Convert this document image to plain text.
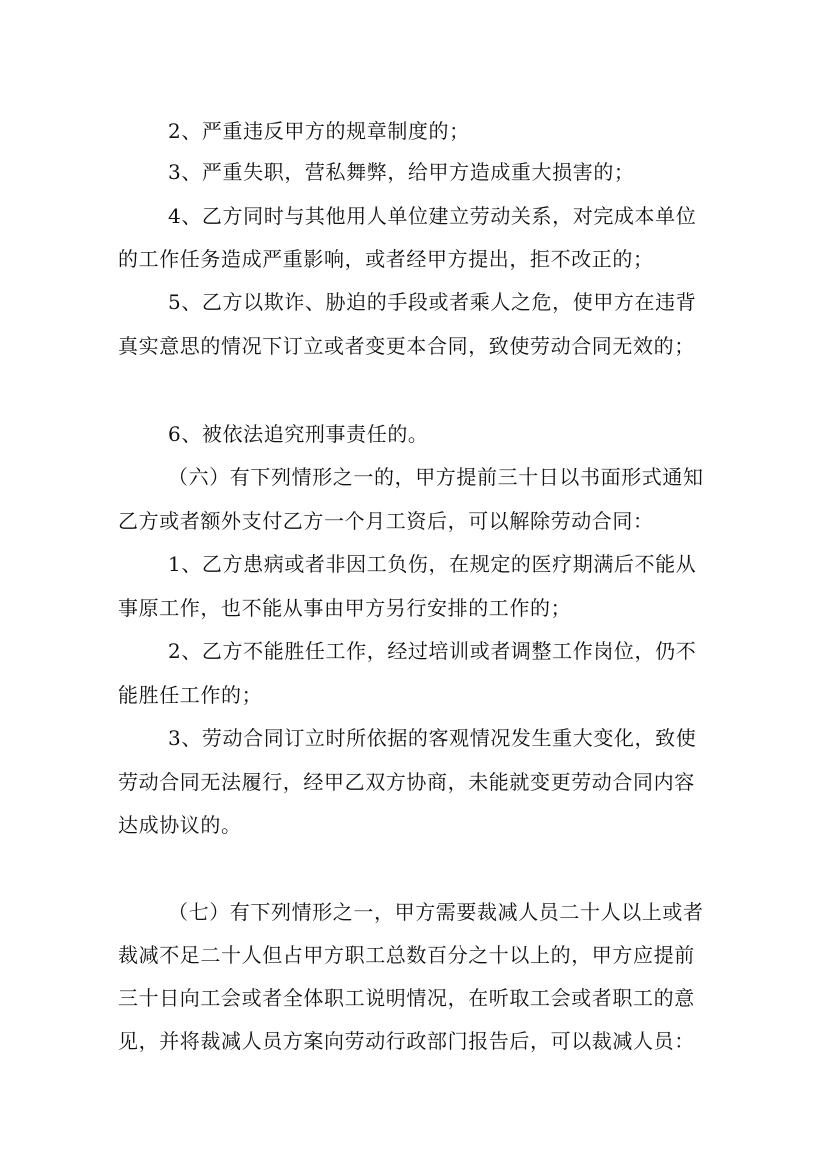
2、严重违反甲方的规章制度的；
3、严重失职，营私舞弊，给甲方造成重大损害的；
4、乙方同时与其他用人单位建立劳动关系，对完成本单位
的工作任务造成严重影响，或者经甲方提出，拒不改正的；
5、乙方以欺诈、胁迫的手段或者乘人之危，使甲方在违背
真实意思的情况下订立或者变更本合同，致使劳动合同无效的；
6、被依法追究刑事责任的。
（六）有下列情形之一的，甲方提前三十日以书面形式通知
乙方或者额外支付乙方一个月工资后，可以解除劳动合同：
1、乙方患病或者非因工负伤，在规定的医疗期满后不能从
事原工作，也不能从事由甲方另行安排的工作的；
2、乙方不能胜任工作，经过培训或者调整工作岗位，仍不
能胜任工作的；
3、劳动合同订立时所依据的客观情况发生重大变化，致使
劳动合同无法履行，经甲乙双方协商，未能就变更劳动合同内容
达成协议的。
（七）有下列情形之一，甲方需要裁减人员二十人以上或者
裁减不足二十人但占甲方职工总数百分之十以上的，甲方应提前
三十日向工会或者全体职工说明情况，在听取工会或者职工的意
见，并将裁减人员方案向劳动行政部门报告后，可以裁减人员：
